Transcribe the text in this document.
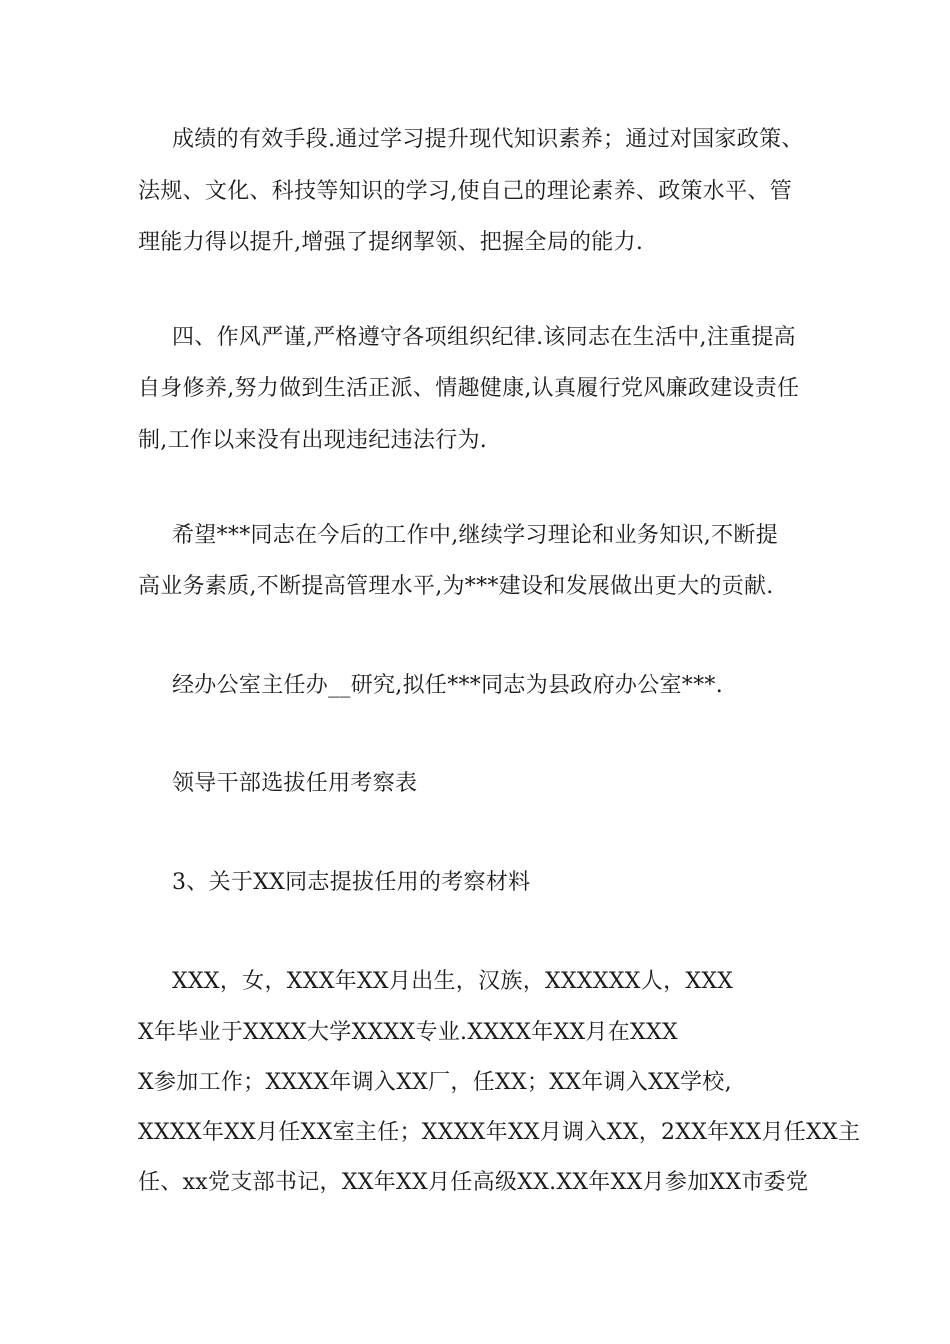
成绩的有效手段.通过学习提升现代知识素养；通过对国家政策、
法规、文化、科技等知识的学习,使自己的理论素养、政策水平、管
理能力得以提升,增强了提纲挈领、把握全局的能力.
四、作风严谨,严格遵守各项组织纪律.该同志在生活中,注重提高
自身修养,努力做到生活正派、情趣健康,认真履行党风廉政建设责任
制,工作以来没有出现违纪违法行为.
希望***同志在今后的工作中,继续学习理论和业务知识,不断提
高业务素质,不断提高管理水平,为***建设和发展做出更大的贡献.
经办公室主任办__研究,拟任***同志为县政府办公室***.
领导干部选拔任用考察表
3、关于XX同志提拔任用的考察材料
XXX，女，XXX年XX月出生，汉族，XXXXXX人，XXX
X年毕业于XXXX大学XXXX专业.XXXX年XX月在XXX
X参加工作；XXXX年调入XX厂，任XX；XX年调入XX学校,
XXXX年XX月任XX室主任；XXXX年XX月调入XX，2XX年XX月任XX主
任、xx党支部书记，XX年XX月任高级XX.XX年XX月参加XX市委党
